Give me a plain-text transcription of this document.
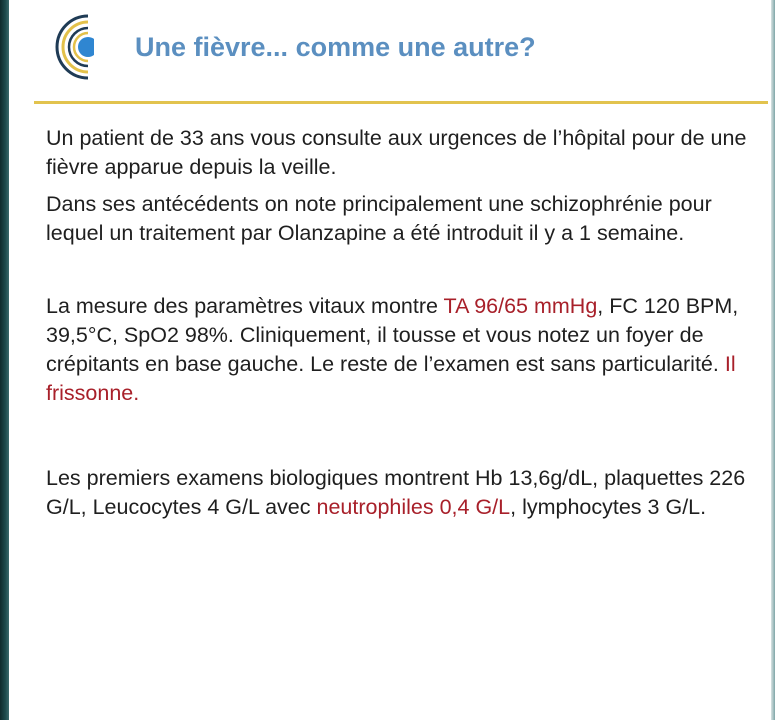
Une fièvre... comme une autre?

Un patient de 33 ans vous consulte aux urgences de l’hôpital pour de une fièvre apparue depuis la veille.

Dans ses antécédents on note principalement une schizophrénie pour lequel un traitement par Olanzapine a été introduit il y a 1 semaine.

La mesure des paramètres vitaux montre TA 96/65 mmHg, FC 120 BPM, 39,5°C, SpO2 98%. Cliniquement, il tousse et vous notez un foyer de crépitants en base gauche. Le reste de l’examen est sans particularité. Il frissonne.

Les premiers examens biologiques montrent Hb 13,6g/dL, plaquettes 226 G/L, Leucocytes 4 G/L avec neutrophiles 0,4 G/L, lymphocytes 3 G/L.
